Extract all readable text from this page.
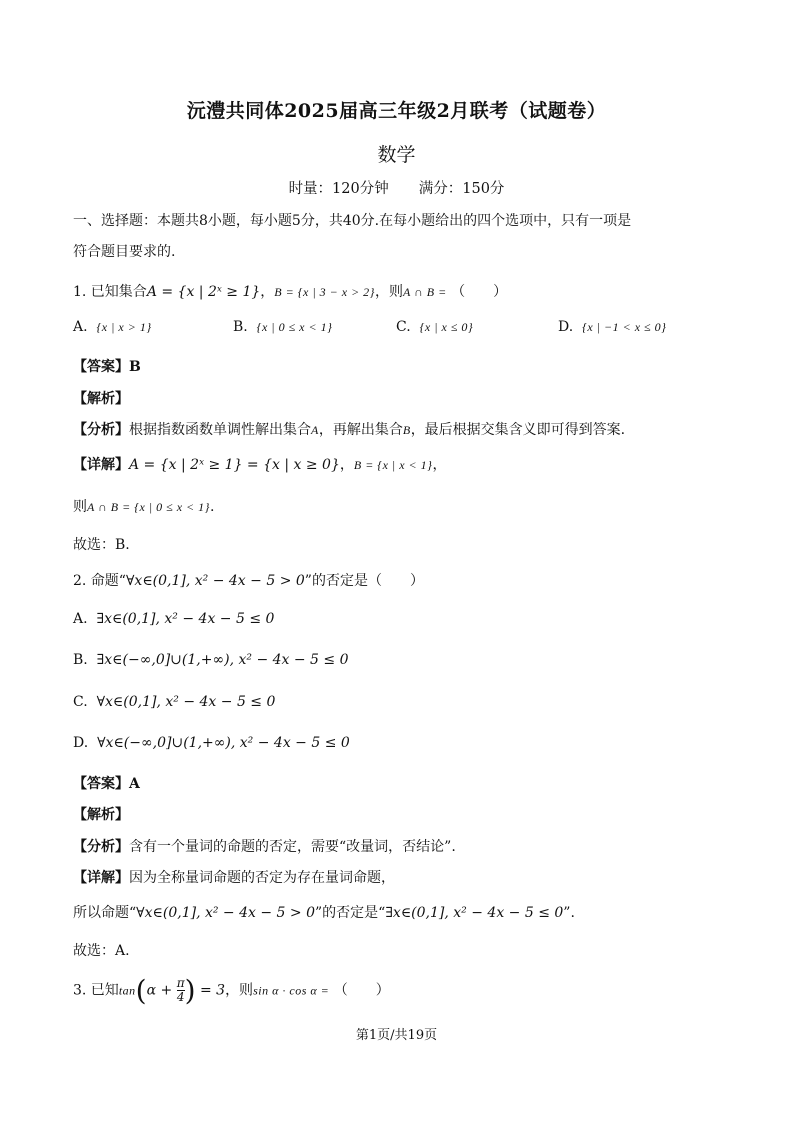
沅澧共同体2025届高三年级2月联考（试题卷）
数学
时量：120分钟 满分：150分
一、选择题：本题共8小题，每小题5分，共40分.在每小题给出的四个选项中，只有一项是
符合题目要求的.
1. 已知集合A = {x | 2ˣ ≥ 1}，B = {x | 3 − x > 2}，则A ∩ B = （　　）
A. {x | x > 1}	B. {x | 0 ≤ x < 1}	C. {x | x ≤ 0}	D. {x | −1 < x ≤ 0}
【答案】B
【解析】
【分析】根据指数函数单调性解出集合A，再解出集合B，最后根据交集含义即可得到答案.
【详解】A = {x | 2ˣ ≥ 1} = {x | x ≥ 0}，B = {x | x < 1}，
则A ∩ B = {x | 0 ≤ x < 1}.
故选：B.
2. 命题“∀x∈(0,1], x² − 4x − 5 > 0”的否定是（　　）
A. ∃x∈(0,1], x² − 4x − 5 ≤ 0
B. ∃x∈(−∞,0]∪(1,+∞), x² − 4x − 5 ≤ 0
C. ∀x∈(0,1], x² − 4x − 5 ≤ 0
D. ∀x∈(−∞,0]∪(1,+∞), x² − 4x − 5 ≤ 0
【答案】A
【解析】
【分析】含有一个量词的命题的否定，需要“改量词，否结论”.
【详解】因为全称量词命题的否定为存在量词命题，
所以命题“∀x∈(0,1], x² − 4x − 5 > 0”的否定是“∃x∈(0,1], x² − 4x − 5 ≤ 0”.
故选：A.
3. 已知$\tan(\alpha + \frac{\pi}{4}$ ) = 3，则sin α · cos α = （　　）
第1页/共19页
